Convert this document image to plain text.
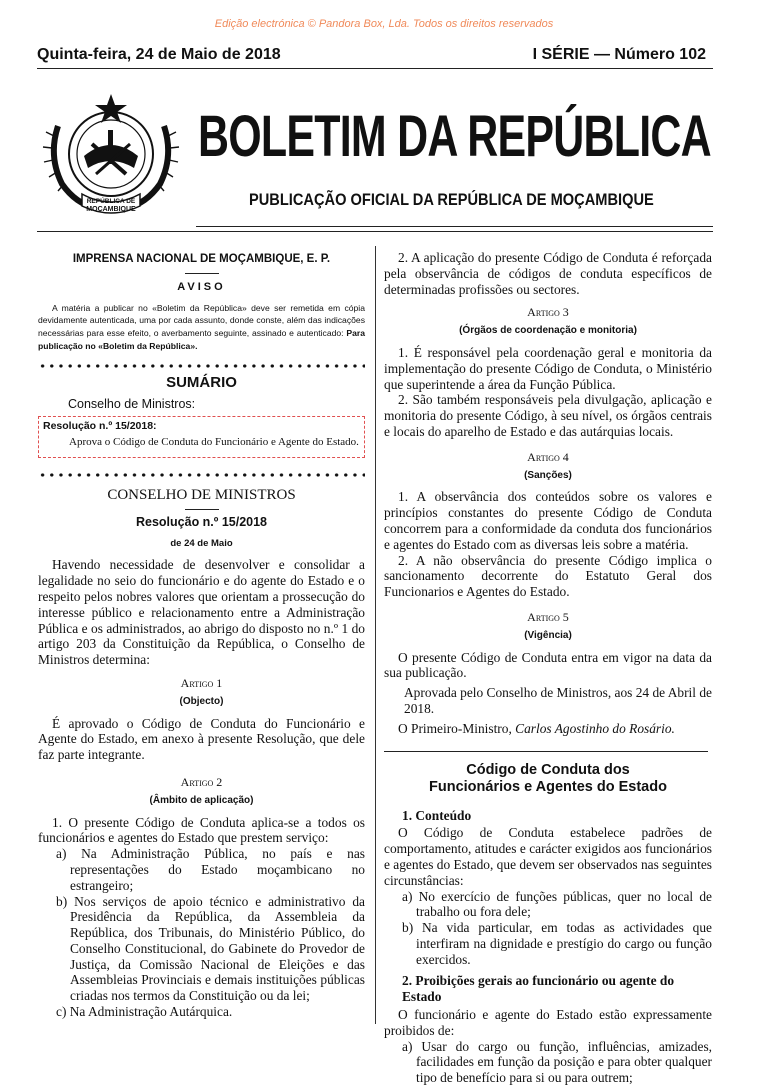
Edição electrónica © Pandora Box, Lda. Todos os direitos reservados
Quinta-feira, 24 de Maio de 2018	I SÉRIE — Número 102
REPÚBLICA DE
MOÇAMBIQUE
BOLETIM DA REPÚBLICA
PUBLICAÇÃO OFICIAL DA REPÚBLICA DE MOÇAMBIQUE
IMPRENSA NACIONAL DE MOÇAMBIQUE, E. P.
AVISO

A matéria a publicar no «Boletim da República» deve ser remetida em cópia devidamente autenticada, uma por cada assunto, donde conste, além das indicações necessárias para esse efeito, o averbamento seguinte, assinado e autenticado: Para publicação no «Boletim da República».

SUMÁRIO
Conselho de Ministros:
Resolução n.º 15/2018:
Aprova o Código de Conduta do Funcionário e Agente do Estado.
CONSELHO DE MINISTROS
Resolução n.º 15/2018
de 24 de Maio

Havendo necessidade de desenvolver e consolidar a legalidade no seio do funcionário e do agente do Estado e o respeito pelos nobres valores que orientam a prossecução do interesse público e relacionamento entre a Administração Pública e os administrados, ao abrigo do disposto no n.º 1 do artigo 203 da Constituição da República, o Conselho de Ministros determina:

Artigo 1
(Objecto)

É aprovado o Código de Conduta do Funcionário e Agente do Estado, em anexo à presente Resolução, que dele faz parte integrante.

Artigo 2
(Âmbito de aplicação)

1. O presente Código de Conduta aplica-se a todos os funcionários e agentes do Estado que prestem serviço:

a) Na Administração Pública, no país e nas representações do Estado moçambicano no estrangeiro;

b) Nos serviços de apoio técnico e administrativo da Presidência da República, da Assembleia da República, dos Tribunais, do Ministério Público, do Conselho Constitucional, do Gabinete do Provedor de Justiça, da Comissão Nacional de Eleições e das Assembleias Provinciais e demais instituições públicas criadas nos termos da Constituição ou da lei;

c) Na Administração Autárquica.

2. A aplicação do presente Código de Conduta é reforçada pela observância de códigos de conduta específicos de determinadas profissões ou sectores.

Artigo 3
(Órgãos de coordenação e monitoria)

1. É responsável pela coordenação geral e monitoria da implementação do presente Código de Conduta, o Ministério que superintende a área da Função Pública.

2. São também responsáveis pela divulgação, aplicação e monitoria do presente Código, à seu nível, os órgãos centrais e locais do aparelho de Estado e das autárquias locais.

Artigo 4
(Sanções)

1. A observância dos conteúdos sobre os valores e princípios constantes do presente Código de Conduta concorrem para a conformidade da conduta dos funcionários e agentes do Estado com as diversas leis sobre a matéria.

2. A não observância do presente Código implica o sancionamento decorrente do Estatuto Geral dos Funcionarios e Agentes do Estado.

Artigo 5
(Vigência)

O presente Código de Conduta entra em vigor na data da sua publicação.

Aprovada pelo Conselho de Ministros, aos 24 de Abril de 2018.

O Primeiro-Ministro, Carlos Agostinho do Rosário.

Código de Conduta dos Funcionários e Agentes do Estado
1. Conteúdo

O Código de Conduta estabelece padrões de comportamento, atitudes e carácter exigidos aos funcionários e agentes do Estado, que devem ser observados nas seguintes circunstâncias:

a) No exercício de funções públicas, quer no local de trabalho ou fora dele;

b) Na vida particular, em todas as actividades que interfiram na dignidade e prestígio do cargo ou função exercidos.

2. Proibições gerais ao funcionário ou agente do Estado

O funcionário e agente do Estado estão expressamente proibidos de:

a) Usar do cargo ou função, influências, amizades, facilidades em função da posição e para obter qualquer tipo de benefício para si ou para outrem;
